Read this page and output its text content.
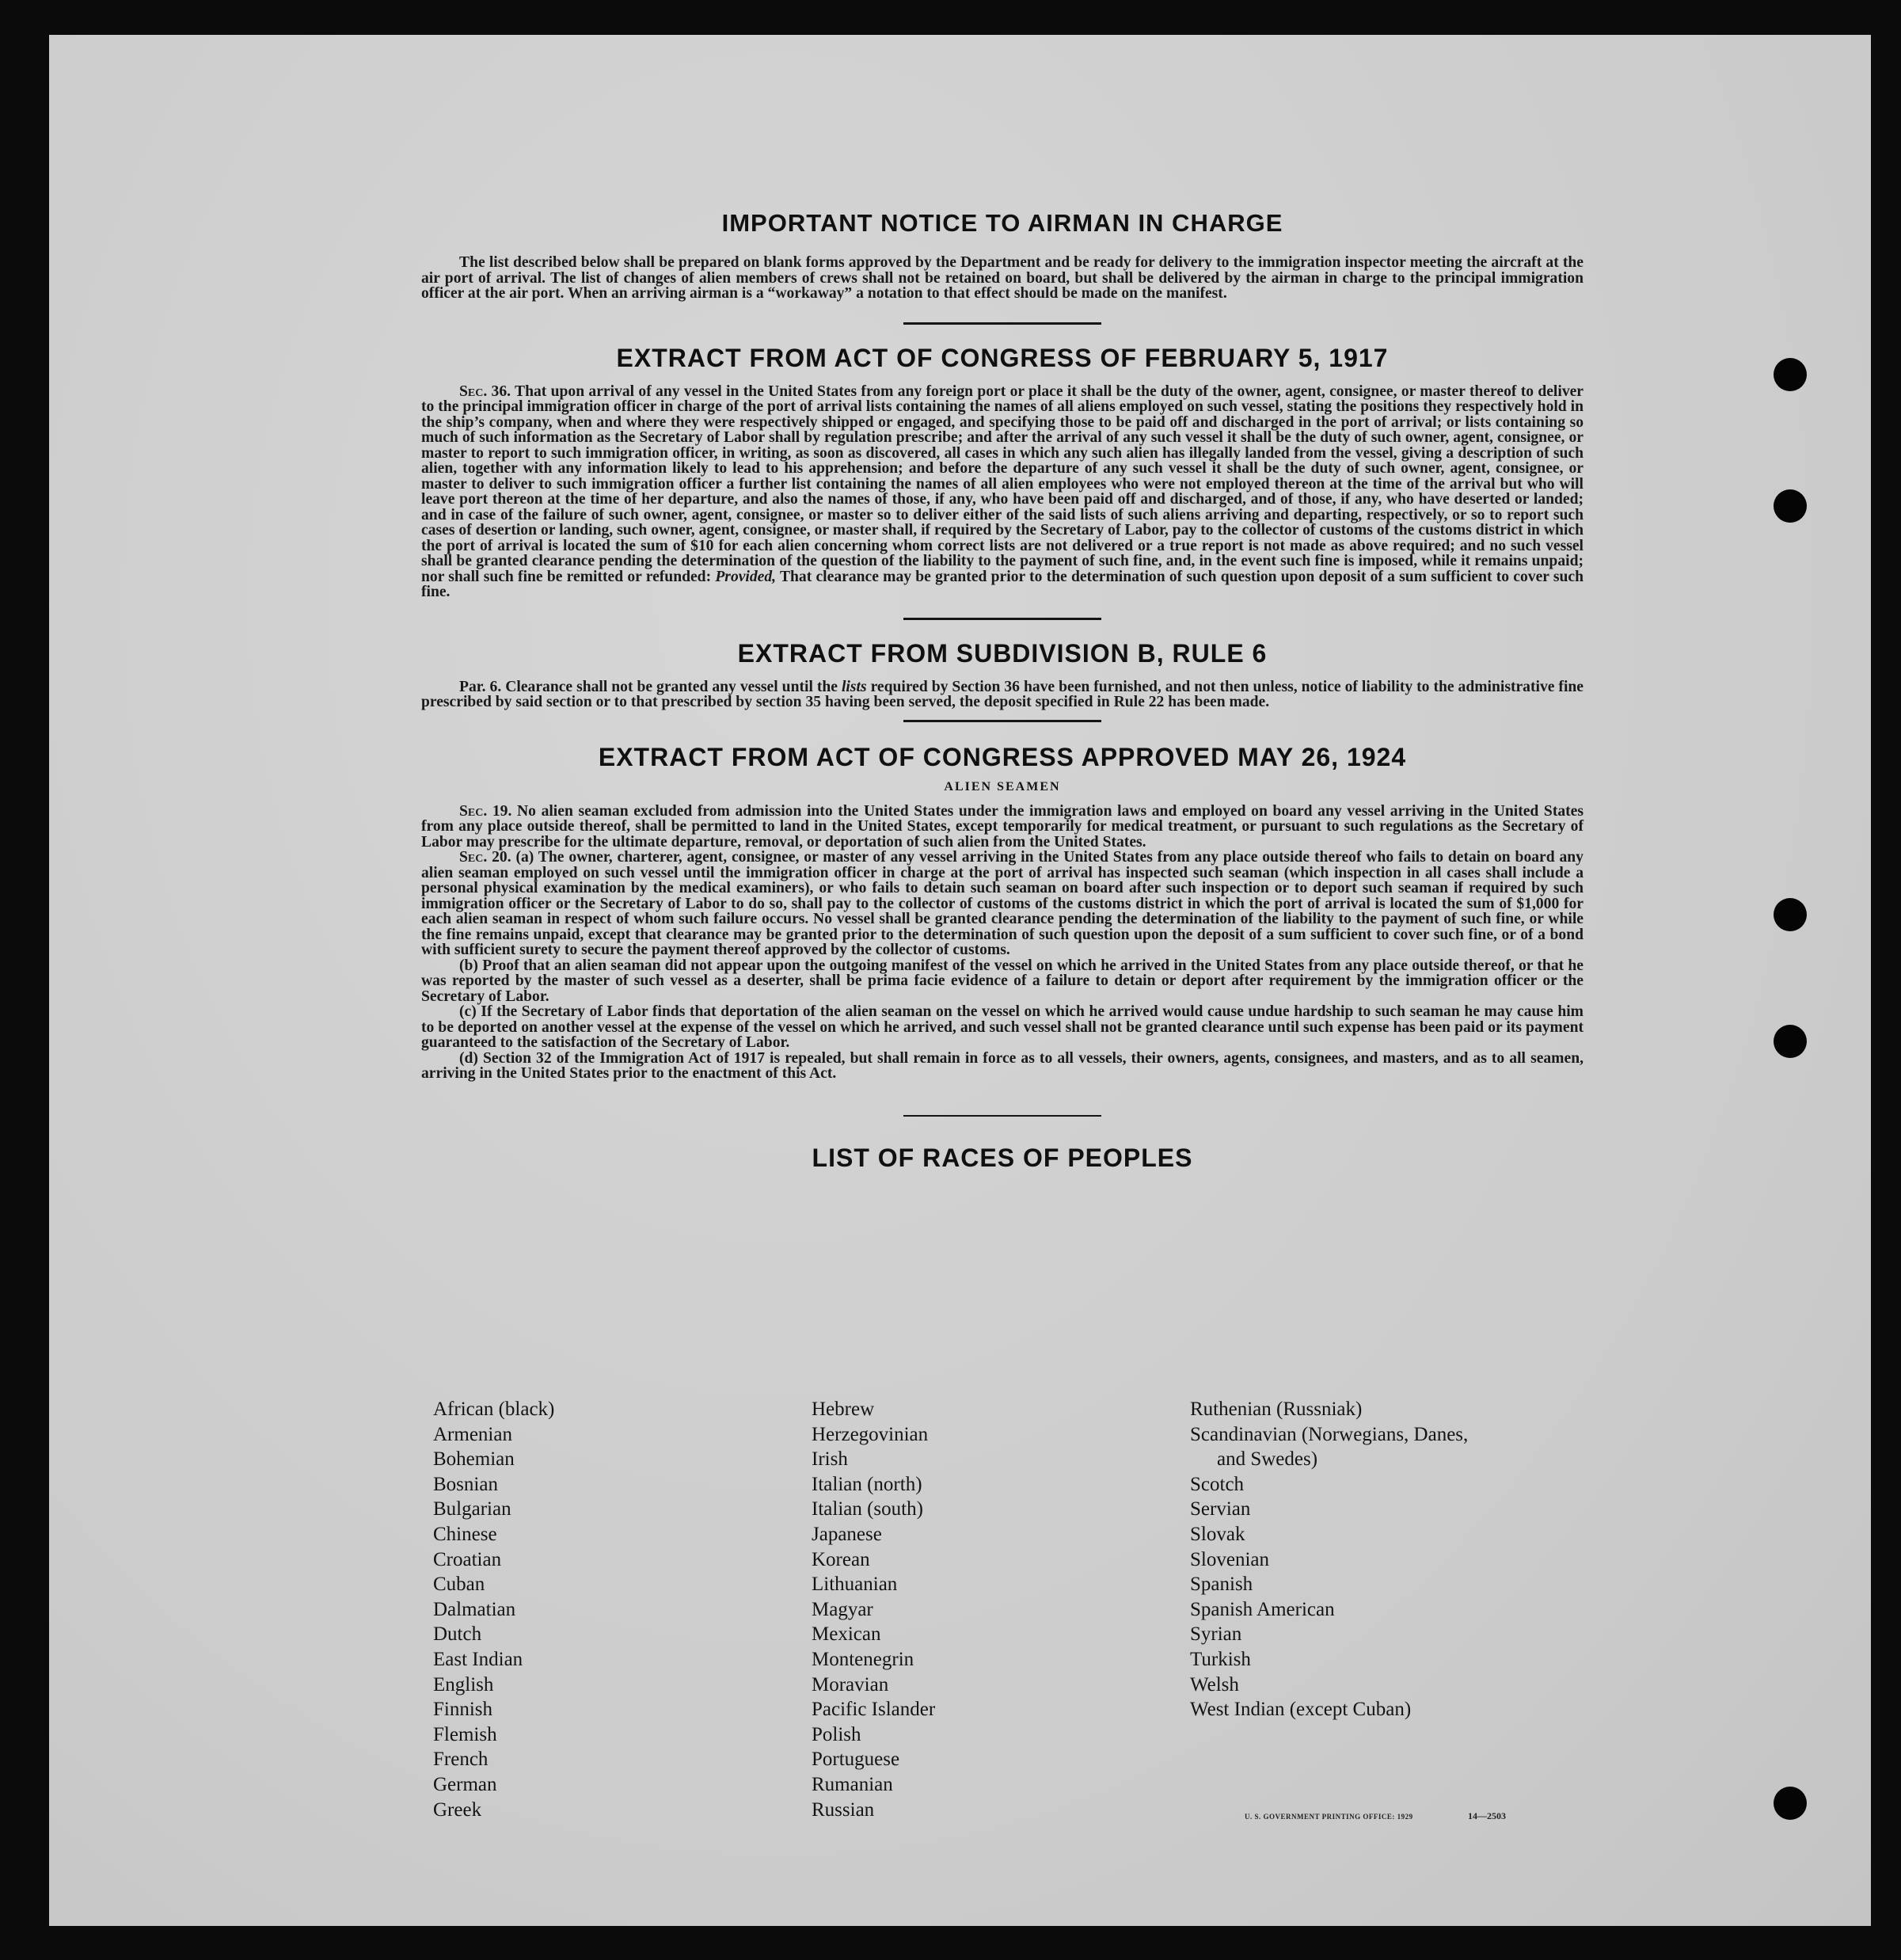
IMPORTANT NOTICE TO AIRMAN IN CHARGE

The list described below shall be prepared on blank forms approved by the Department and be ready for delivery to the immigration inspector meeting the aircraft at the air port of arrival. The list of changes of alien members of crews shall not be retained on board, but shall be delivered by the airman in charge to the principal immigration officer at the air port. When an arriving airman is a “workaway” a notation to that effect should be made on the manifest.

EXTRACT FROM ACT OF CONGRESS OF FEBRUARY 5, 1917

Sec. 36. That upon arrival of any vessel in the United States from any foreign port or place it shall be the duty of the owner, agent, consignee, or master thereof to deliver to the principal immigration officer in charge of the port of arrival lists containing the names of all aliens employed on such vessel, stating the positions they respectively hold in the ship’s company, when and where they were respectively shipped or engaged, and specifying those to be paid off and discharged in the port of arrival; or lists containing so much of such information as the Secretary of Labor shall by regulation prescribe; and after the arrival of any such vessel it shall be the duty of such owner, agent, consignee, or master to report to such immigration officer, in writing, as soon as discovered, all cases in which any such alien has illegally landed from the vessel, giving a description of such alien, together with any information likely to lead to his apprehension; and before the departure of any such vessel it shall be the duty of such owner, agent, consignee, or master to deliver to such immigration officer a further list containing the names of all alien employees who were not employed thereon at the time of the arrival but who will leave port thereon at the time of her departure, and also the names of those, if any, who have been paid off and discharged, and of those, if any, who have deserted or landed; and in case of the failure of such owner, agent, consignee, or master so to deliver either of the said lists of such aliens arriving and departing, respectively, or so to report such cases of desertion or landing, such owner, agent, consignee, or master shall, if required by the Secretary of Labor, pay to the collector of customs of the customs district in which the port of arrival is located the sum of $10 for each alien concerning whom correct lists are not delivered or a true report is not made as above required; and no such vessel shall be granted clearance pending the determination of the question of the liability to the payment of such fine, and, in the event such fine is imposed, while it remains unpaid; nor shall such fine be remitted or refunded: Provided, That clearance may be granted prior to the determination of such question upon deposit of a sum sufficient to cover such fine.

EXTRACT FROM SUBDIVISION B, RULE 6

Par. 6. Clearance shall not be granted any vessel until the lists required by Section 36 have been furnished, and not then unless, notice of liability to the administrative fine prescribed by said section or to that prescribed by section 35 having been served, the deposit specified in Rule 22 has been made.

EXTRACT FROM ACT OF CONGRESS APPROVED MAY 26, 1924

ALIEN SEAMEN

Sec. 19. No alien seaman excluded from admission into the United States under the immigration laws and employed on board any vessel arriving in the United States from any place outside thereof, shall be permitted to land in the United States, except temporarily for medical treatment, or pursuant to such regulations as the Secretary of Labor may prescribe for the ultimate departure, removal, or deportation of such alien from the United States.

Sec. 20. (a) The owner, charterer, agent, consignee, or master of any vessel arriving in the United States from any place outside thereof who fails to detain on board any alien seaman employed on such vessel until the immigration officer in charge at the port of arrival has inspected such seaman (which inspection in all cases shall include a personal physical examination by the medical examiners), or who fails to detain such seaman on board after such inspection or to deport such seaman if required by such immigration officer or the Secretary of Labor to do so, shall pay to the collector of customs of the customs district in which the port of arrival is located the sum of $1,000 for each alien seaman in respect of whom such failure occurs. No vessel shall be granted clearance pending the determination of the liability to the payment of such fine, or while the fine remains unpaid, except that clearance may be granted prior to the determination of such question upon the deposit of a sum sufficient to cover such fine, or of a bond with sufficient surety to secure the payment thereof approved by the collector of customs.

(b) Proof that an alien seaman did not appear upon the outgoing manifest of the vessel on which he arrived in the United States from any place outside thereof, or that he was reported by the master of such vessel as a deserter, shall be prima facie evidence of a failure to detain or deport after requirement by the immigration officer or the Secretary of Labor.

(c) If the Secretary of Labor finds that deportation of the alien seaman on the vessel on which he arrived would cause undue hardship to such seaman he may cause him to be deported on another vessel at the expense of the vessel on which he arrived, and such vessel shall not be granted clearance until such expense has been paid or its payment guaranteed to the satisfaction of the Secretary of Labor.

(d) Section 32 of the Immigration Act of 1917 is repealed, but shall remain in force as to all vessels, their owners, agents, consignees, and masters, and as to all seamen, arriving in the United States prior to the enactment of this Act.

LIST OF RACES OF PEOPLES
African (black)
Armenian
Bohemian
Bosnian
Bulgarian
Chinese
Croatian
Cuban
Dalmatian
Dutch
East Indian
English
Finnish
Flemish
French
German
Greek
Hebrew
Herzegovinian
Irish
Italian (north)
Italian (south)
Japanese
Korean
Lithuanian
Magyar
Mexican
Montenegrin
Moravian
Pacific Islander
Polish
Portuguese
Rumanian
Russian
Ruthenian (Russniak)
Scandinavian (Norwegians, Danes,
and Swedes)
Scotch
Servian
Slovak
Slovenian
Spanish
Spanish American
Syrian
Turkish
Welsh
West Indian (except Cuban)
U. S. GOVERNMENT PRINTING OFFICE: 1929	14—2503
